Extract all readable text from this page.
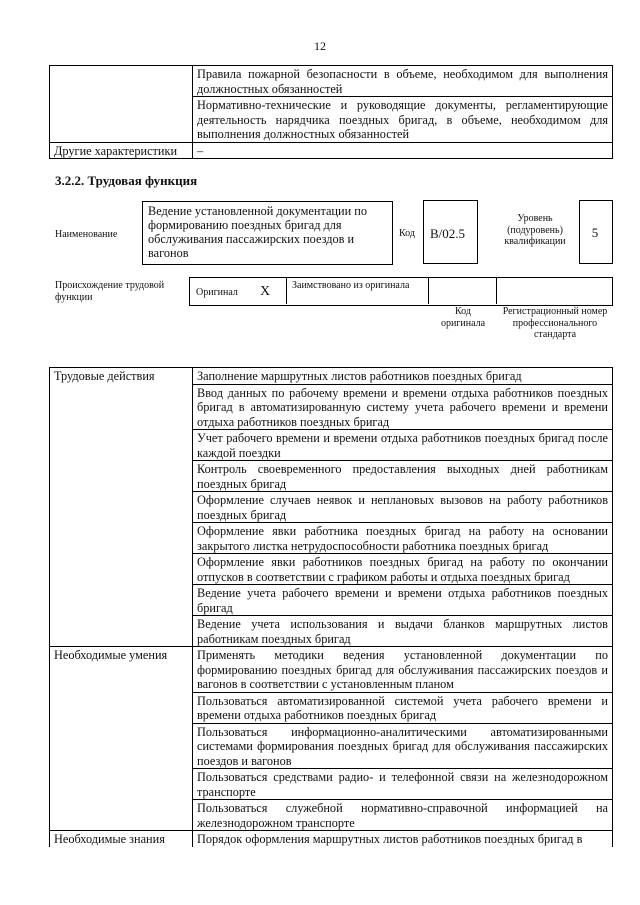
12
	Правила пожарной безопасности в объеме, необходимом для выполнения должностных обязанностей
	Нормативно-технические и руководящие документы, регламентирующие деятельность нарядчика поездных бригад, в объеме, необходимом для выполнения должностных обязанностей
Другие характеристики	–
3.2.2. Трудовая функция
Наименование
Ведение установленной документации по формированию поездных бригад для обслуживания пассажирских поездов и вагонов
Код В/02.5
Уровень (подуровень) квалификации
5
Происхождение трудовой функции	Оригинал X Заимствовано из оригинала
Код оригинала
Регистрационный номер профессионального стандарта
Трудовые действия	Заполнение маршрутных листов работников поездных бригад
	Ввод данных по рабочему времени и времени отдыха работников поездных бригад в автоматизированную систему учета рабочего времени и времени отдыха работников поездных бригад
	Учет рабочего времени и времени отдыха работников поездных бригад после каждой поездки
	Контроль своевременного предоставления выходных дней работникам поездных бригад
	Оформление случаев неявок и неплановых вызовов на работу работников поездных бригад
	Оформление явки работника поездных бригад на работу на основании закрытого листка нетрудоспособности работника поездных бригад
	Оформление явки работников поездных бригад на работу по окончании отпусков в соответствии с графиком работы и отдыха поездных бригад
	Ведение учета рабочего времени и времени отдыха работников поездных бригад
	Ведение учета использования и выдачи бланков маршрутных листов работникам поездных бригад
Необходимые умения	Применять методики ведения установленной документации по формированию поездных бригад для обслуживания пассажирских поездов и вагонов в соответствии с установленным планом
	Пользоваться автоматизированной системой учета рабочего времени и времени отдыха работников поездных бригад
	Пользоваться информационно-аналитическими автоматизированными системами формирования поездных бригад для обслуживания пассажирских поездов и вагонов
	Пользоваться средствами радио- и телефонной связи на железнодорожном транспорте
	Пользоваться служебной нормативно-справочной информацией на железнодорожном транспорте
Необходимые знания	Порядок оформления маршрутных листов работников поездных бригад в
